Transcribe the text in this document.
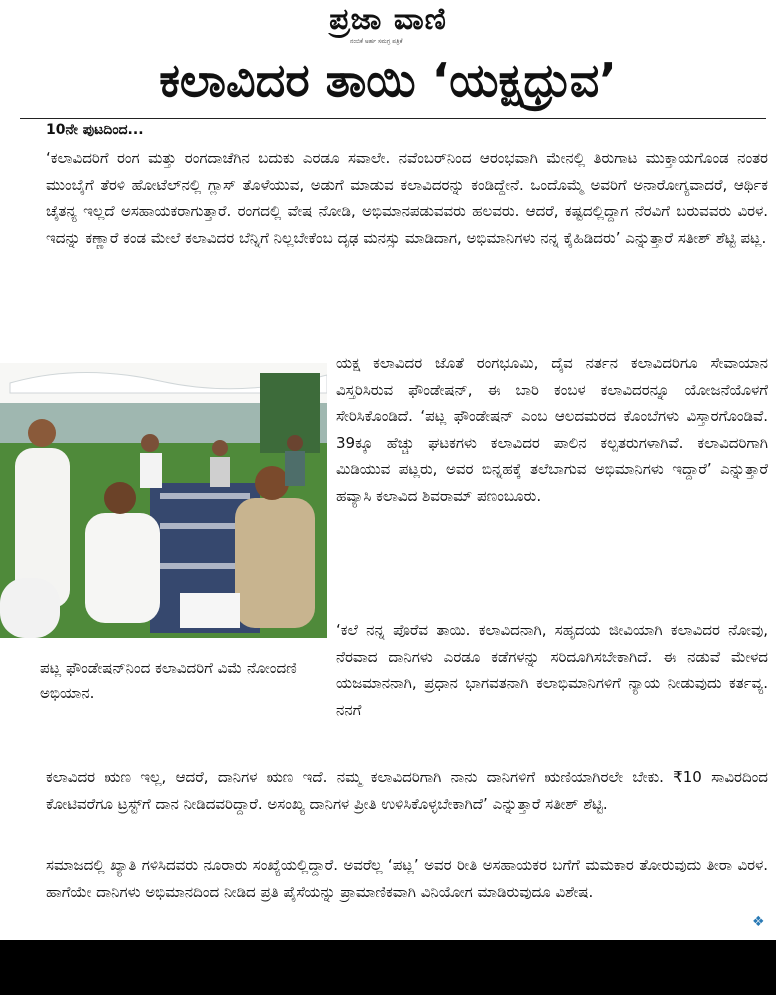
ಪ್ರಜಾ ವಾಣಿ
ನಂಬಿಕೆ ಅರ್ಹ ಸಮಗ್ರ ಪತ್ರಿಕೆ
ಕಲಾವಿದರ ತಾಯಿ ‘ಯಕ್ಷಧ್ರುವ’
10ನೇ ಪುಟದಿಂದ...
‘ಕಲಾವಿದರಿಗೆ ರಂಗ ಮತ್ತು ರಂಗದಾಚೆಗಿನ ಬದುಕು ಎರಡೂ ಸವಾಲೇ. ನವೆಂಬರ್‌ನಿಂದ ಆರಂಭವಾಗಿ ಮೇನಲ್ಲಿ ತಿರುಗಾಟ ಮುಕ್ತಾಯಗೊಂಡ ನಂತರ ಮುಂಬೈಗೆ ತೆರಳಿ ಹೋಟೆಲ್‌ನಲ್ಲಿ ಗ್ಲಾಸ್ ತೊಳೆಯುವ, ಅಡುಗೆ ಮಾಡುವ ಕಲಾವಿದರನ್ನು ಕಂಡಿದ್ದೇನೆ. ಒಂದೊಮ್ಮೆ ಅವರಿಗೆ ಅನಾರೋಗ್ಯವಾದರೆ, ಆರ್ಥಿಕ ಚೈತನ್ಯ ಇಲ್ಲದೆ ಅಸಹಾಯಕರಾಗುತ್ತಾರೆ. ರಂಗದಲ್ಲಿ ವೇಷ ನೋಡಿ, ಅಭಿಮಾನಪಡುವವರು ಹಲವರು. ಆದರೆ, ಕಷ್ಟದಲ್ಲಿದ್ದಾಗ ನೆರವಿಗೆ ಬರುವವರು ವಿರಳ. ಇದನ್ನು ಕಣ್ಣಾರೆ ಕಂಡ ಮೇಲೆ ಕಲಾವಿದರ ಬೆನ್ನಿಗೆ ನಿಲ್ಲಬೇಕೆಂಬ ದೃಢ ಮನಸ್ಸು ಮಾಡಿದಾಗ, ಅಭಿಮಾನಿಗಳು ನನ್ನ ಕೈಹಿಡಿದರು’ ಎನ್ನುತ್ತಾರೆ ಸತೀಶ್ ಶೆಟ್ಟಿ ಪಟ್ಲ.
ಪಟ್ಲ ಫೌಂಡೇಷನ್‌ನಿಂದ ಕಲಾವಿದರಿಗೆ ವಿಮೆ ನೋಂದಣಿ ಅಭಿಯಾನ.
ಯಕ್ಷ ಕಲಾವಿದರ ಜೊತೆ ರಂಗಭೂಮಿ, ದೈವ ನರ್ತನ ಕಲಾವಿದರಿಗೂ ಸೇವಾಯಾನ ವಿಸ್ತರಿಸಿರುವ ಫೌಂಡೇಷನ್, ಈ ಬಾರಿ ಕಂಬಳ ಕಲಾವಿದರನ್ನೂ ಯೋಜನೆಯೊಳಗೆ ಸೇರಿಸಿಕೊಂಡಿದೆ. ‘ಪಟ್ಲ ಫೌಂಡೇಷನ್ ಎಂಬ ಆಲದಮರದ ಕೊಂಬೆಗಳು ವಿಸ್ತಾರಗೊಂಡಿವೆ. 39ಕ್ಕೂ ಹೆಚ್ಚು ಘಟಕಗಳು ಕಲಾವಿದರ ಪಾಲಿನ ಕಲ್ಪತರುಗಳಾಗಿವೆ. ಕಲಾವಿದರಿಗಾಗಿ ಮಿಡಿಯುವ ಪಟ್ಲರು, ಅವರ ಬಿನ್ನಹಕ್ಕೆ ತಲೆಬಾಗುವ ಅಭಿಮಾನಿಗಳು ಇದ್ದಾರೆ’ ಎನ್ನುತ್ತಾರೆ ಹವ್ಯಾಸಿ ಕಲಾವಿದ ಶಿವರಾಮ್ ಪಣಂಬೂರು.
‘ಕಲೆ ನನ್ನ ಪೊರೆವ ತಾಯಿ. ಕಲಾವಿದನಾಗಿ, ಸಹೃದಯ ಜೀವಿಯಾಗಿ ಕಲಾವಿದರ ನೋವು, ನೆರವಾದ ದಾನಿಗಳು ಎರಡೂ ಕಡೆಗಳನ್ನು ಸರಿದೂಗಿಸಬೇಕಾಗಿದೆ. ಈ ನಡುವೆ ಮೇಳದ ಯಜಮಾನನಾಗಿ, ಪ್ರಧಾನ ಭಾಗವತನಾಗಿ ಕಲಾಭಿಮಾನಿಗಳಿಗೆ ನ್ಯಾಯ ನೀಡುವುದು ಕರ್ತವ್ಯ. ನನಗೆ
ಕಲಾವಿದರ ಋಣ ಇಲ್ಲ, ಆದರೆ, ದಾನಿಗಳ ಋಣ ಇದೆ. ನಮ್ಮ ಕಲಾವಿದರಿಗಾಗಿ ನಾನು ದಾನಿಗಳಿಗೆ ಋಣಿಯಾಗಿರಲೇ ಬೇಕು. ₹10 ಸಾವಿರದಿಂದ ಕೋಟಿವರೆಗೂ ಟ್ರಸ್ಟ್‌ಗೆ ದಾನ ನೀಡಿದವರಿದ್ದಾರೆ. ಅಸಂಖ್ಯ ದಾನಿಗಳ ಪ್ರೀತಿ ಉಳಿಸಿಕೊಳ್ಳಬೇಕಾಗಿದೆ’ ಎನ್ನುತ್ತಾರೆ ಸತೀಶ್ ಶೆಟ್ಟಿ.
ಸಮಾಜದಲ್ಲಿ ಖ್ಯಾತಿ ಗಳಿಸಿದವರು ನೂರಾರು ಸಂಖ್ಯೆಯಲ್ಲಿದ್ದಾರೆ. ಅವರೆಲ್ಲ ‘ಪಟ್ಲ’ ಅವರ ರೀತಿ ಅಸಹಾಯಕರ ಬಗೆಗೆ ಮಮಕಾರ ತೋರುವುದು ತೀರಾ ವಿರಳ. ಹಾಗೆಯೇ ದಾನಿಗಳು ಅಭಿಮಾನದಿಂದ ನೀಡಿದ ಪ್ರತಿ ಪೈಸೆಯನ್ನು ಪ್ರಾಮಾಣಿಕವಾಗಿ ವಿನಿಯೋಗ ಮಾಡಿರುವುದೂ ವಿಶೇಷ.
❖
